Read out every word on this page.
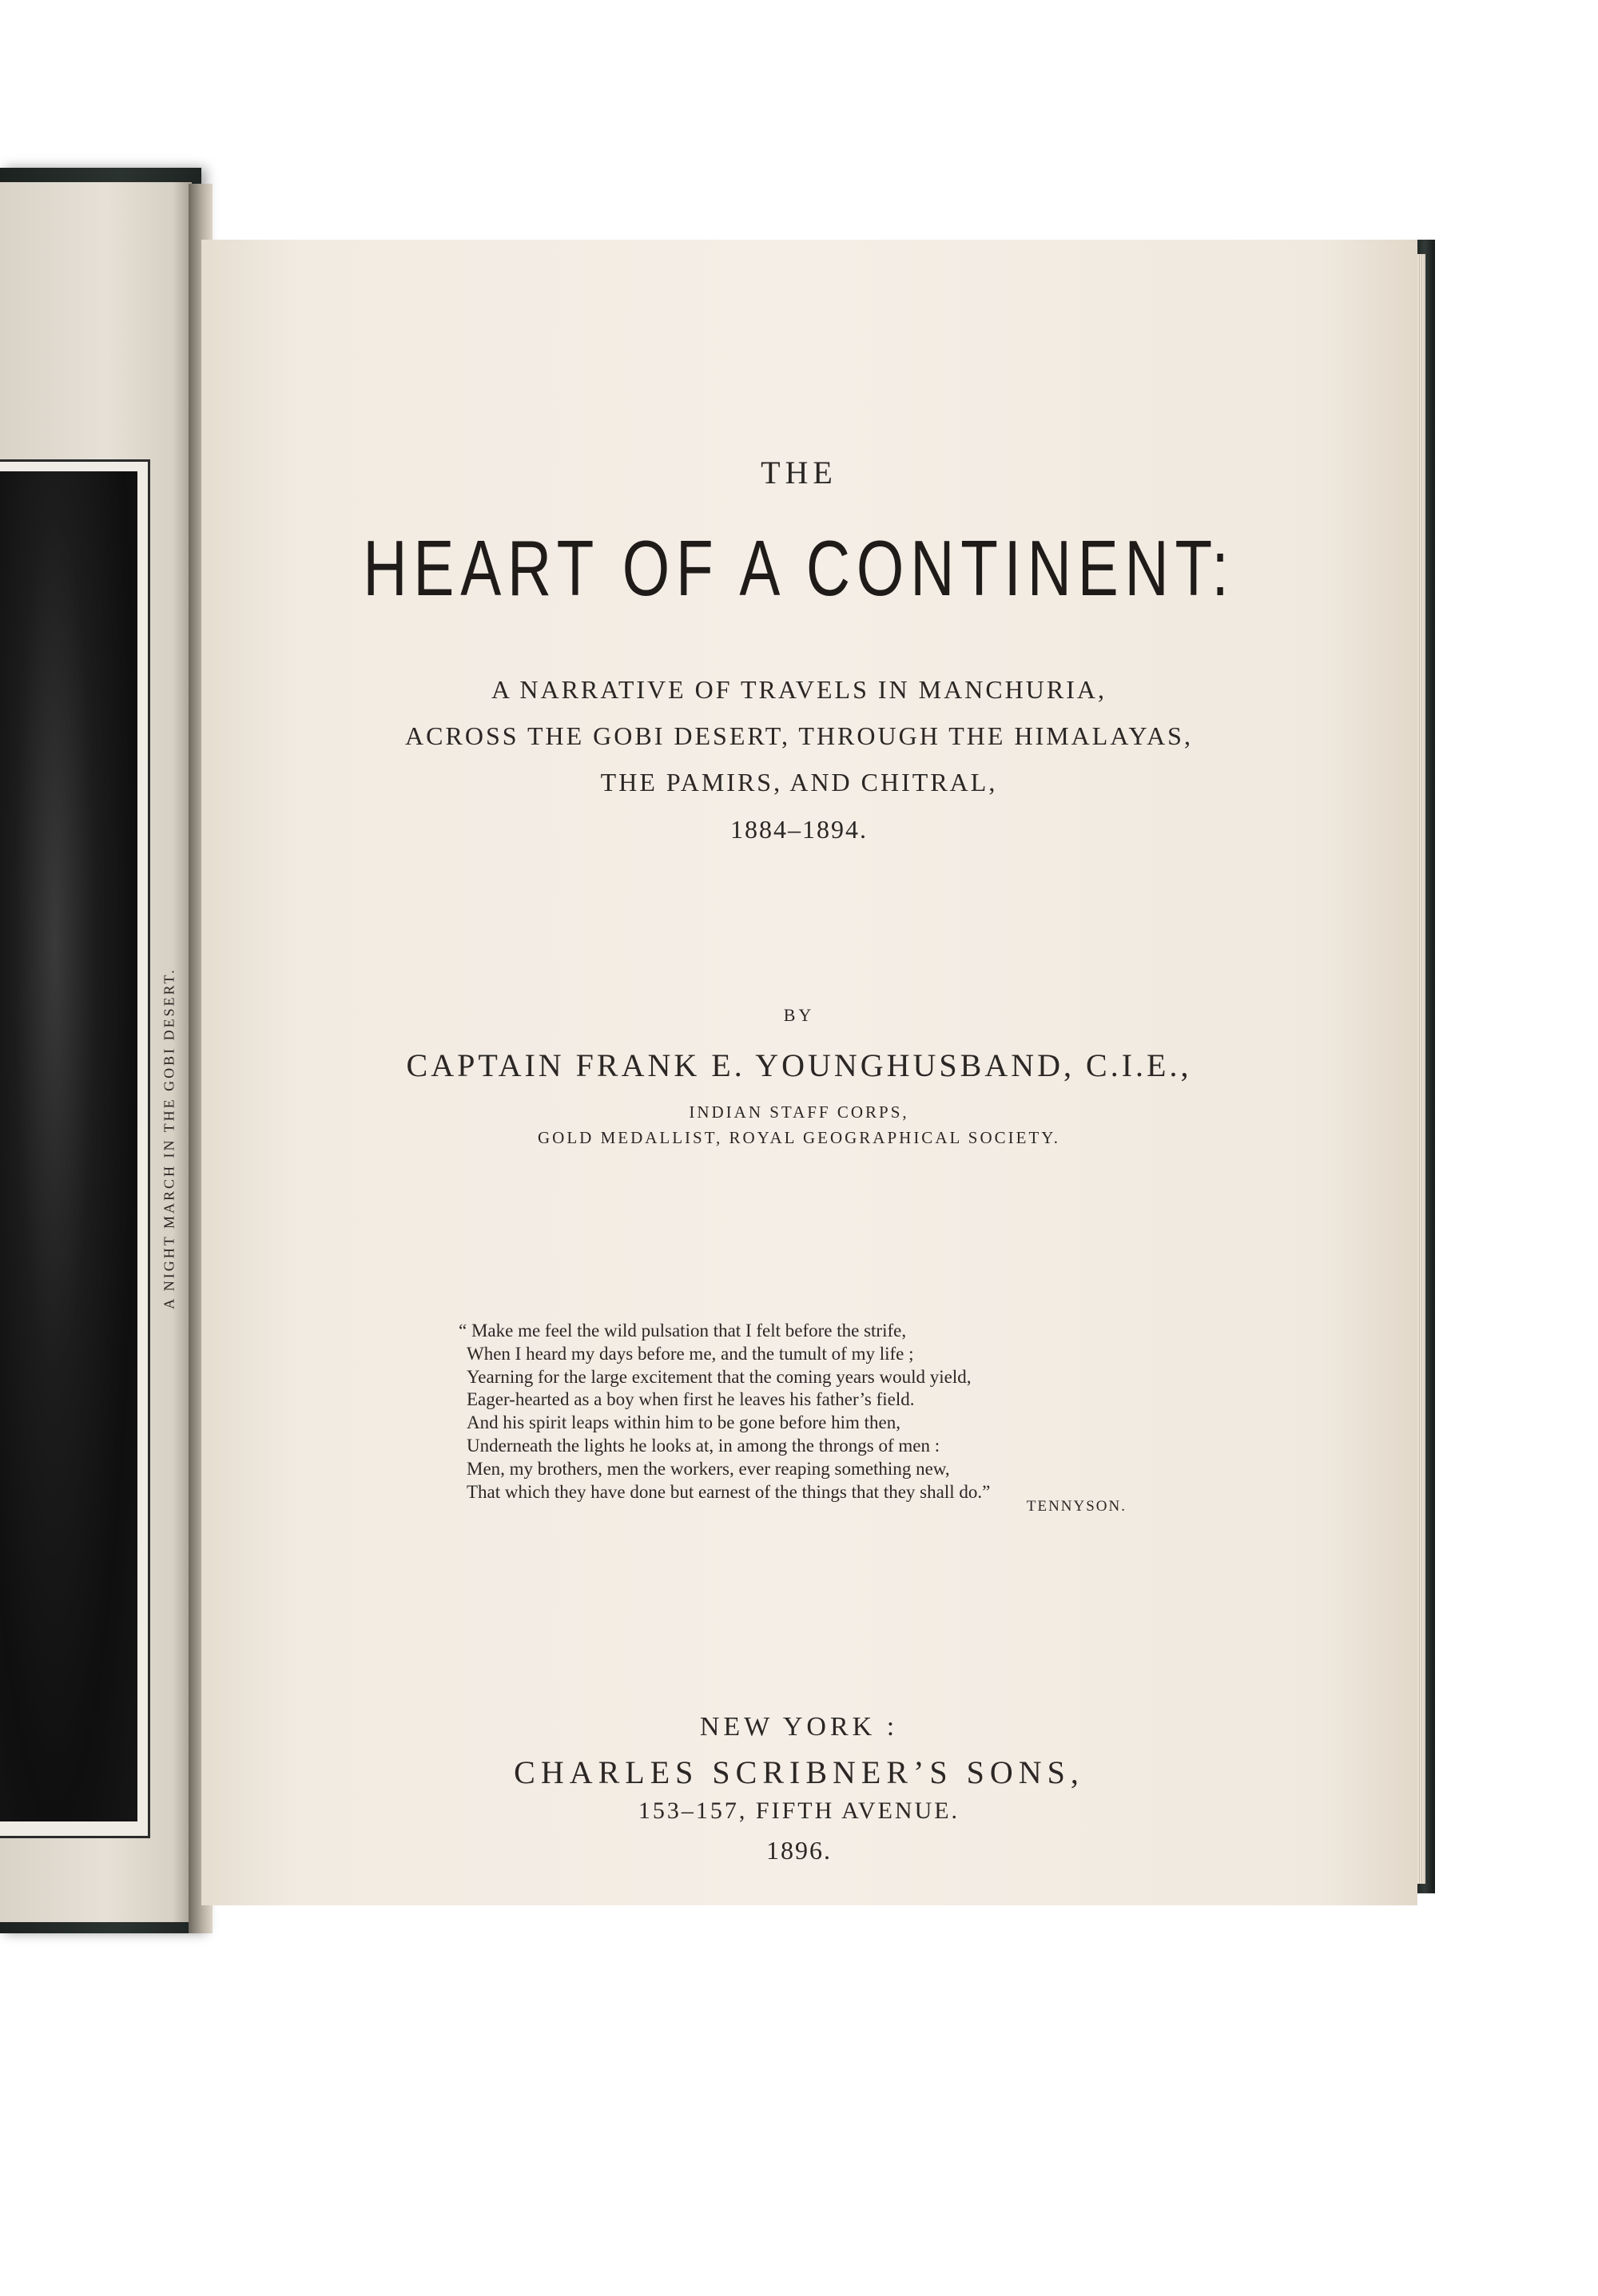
A NIGHT MARCH IN THE GOBI DESERT.
THE
HEART OF A CONTINENT:
A NARRATIVE OF TRAVELS IN MANCHURIA,
ACROSS THE GOBI DESERT, THROUGH THE HIMALAYAS,
THE PAMIRS, AND CHITRAL,
1884–1894.
BY
CAPTAIN FRANK E. YOUNGHUSBAND, C.I.E.,
INDIAN STAFF CORPS,
GOLD MEDALLIST, ROYAL GEOGRAPHICAL SOCIETY.
“ Make me feel the wild pulsation that I felt before the strife,
When I heard my days before me, and the tumult of my life ;
Yearning for the large excitement that the coming years would yield,
Eager-hearted as a boy when first he leaves his father’s field.
And his spirit leaps within him to be gone before him then,
Underneath the lights he looks at, in among the throngs of men :
Men, my brothers, men the workers, ever reaping something new,
That which they have done but earnest of the things that they shall do.”
TENNYSON.
NEW YORK :
CHARLES SCRIBNER’S SONS,
153–157, FIFTH AVENUE.
1896.
